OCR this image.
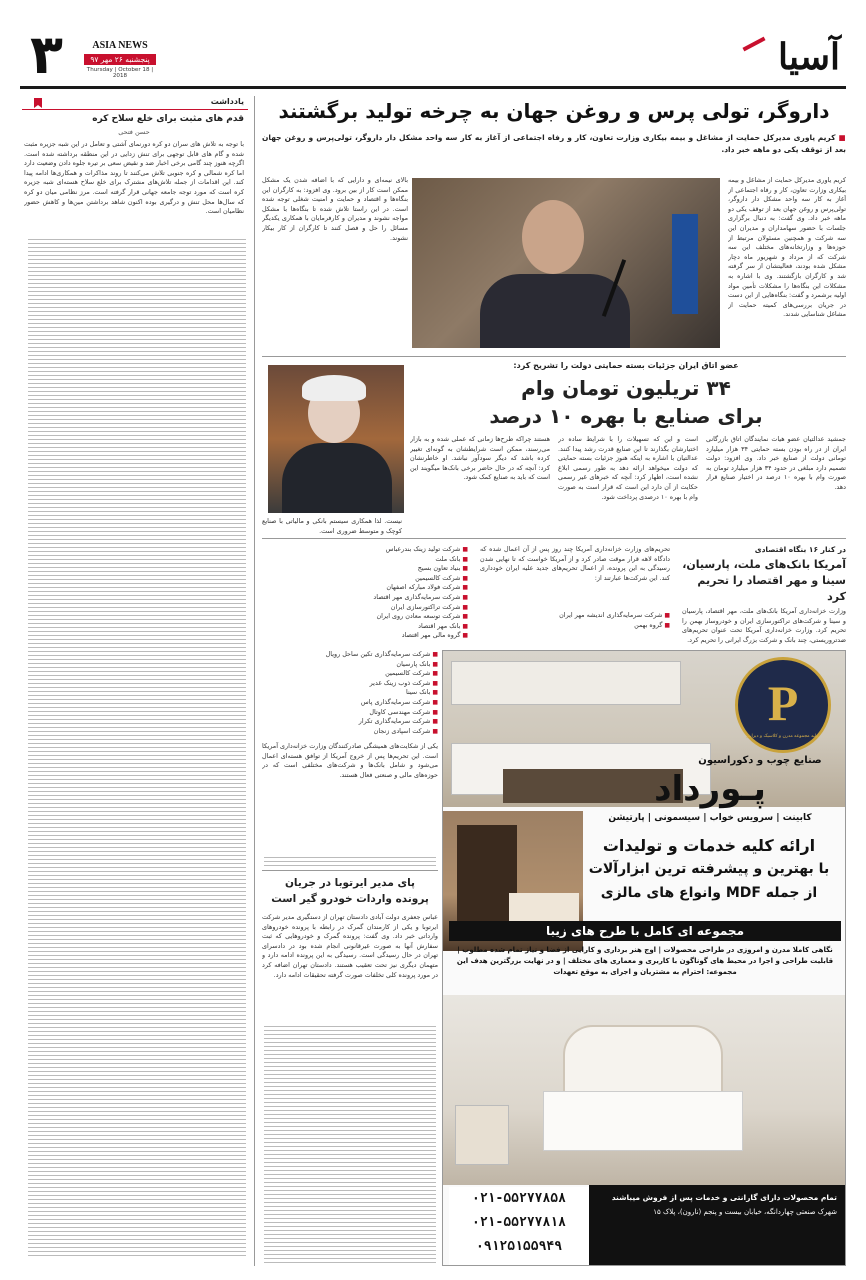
۳	ASIA NEWS
پنجشنبه ۲۶ مهر ۹۷
Thursday | October 18 | 2018	آسیا
یادداشت
قدم های مثبت برای خلع سلاح کره
حسن فتحی
با توجه به تلاش های سران دو کره دورنمای آشتی و تعامل در این شبه جزیره مثبت شده و گام های قابل توجهی برای تنش زدایی در این منطقه برداشته شده است. اگرچه هنوز چند گامی برخی اخبار ضد و نقیض سعی بر تیره جلوه دادن وضعیت دارد اما کره شمالی و کره جنوبی تلاش می‌کنند تا روند مذاکرات و همکاری‌ها ادامه پیدا کند. این اقدامات از جمله تلاش‌های مشترک برای خلع سلاح هسته‌ای شبه جزیره کره است که مورد توجه جامعه جهانی قرار گرفته است. مرز نظامی میان دو کره که سال‌ها محل تنش و درگیری بوده اکنون شاهد برداشتن مین‌ها و کاهش حضور نظامیان است.
داروگر، تولی پرس و روغن جهان به چرخه تولید برگشتند
■ کریم یاوری مدیرکل حمایت از مشاغل و بیمه بیکاری وزارت تعاون، کار و رفاه اجتماعی از آغاز به کار سه واحد مشکل دار داروگر، تولی‌پرس و روغن جهان بعد از توقف یکی دو ماهه خبر داد.
کریم یاوری مدیرکل حمایت از مشاغل و بیمه بیکاری وزارت تعاون، کار و رفاه اجتماعی از آغاز به کار سه واحد مشکل دار داروگر، تولی‌پرس و روغن جهان بعد از توقف یکی دو ماهه خبر داد. وی گفت: به دنبال برگزاری جلسات با حضور سهامداران و مدیران این سه شرکت و همچنین مسئولان مرتبط از حوزه‌ها و وزارتخانه‌های مختلف این سه شرکت که از مرداد و شهریور ماه دچار مشکل شده بودند، فعالیتشان از سر گرفته شد و کارگران بازگشتند. وی با اشاره به مشکلات این بنگاه‌ها را مشکلات تأمین مواد اولیه برشمرد و گفت: بنگاه‌هایی از این دست در جریان بررسی‌های کمیته حمایت از مشاغل شناسایی شدند.
بالای نیمه‌ای و دارایی که با اضافه شدن یک مشکل ممکن است کار از بین برود. وی افزود: به کارگران این بنگاه‌ها و اقتصاد و حمایت و امنیت شغلی توجه شده است. در این راستا تلاش شده تا بنگاه‌ها با مشکل مواجه نشوند و مدیران و کارفرمایان با همکاری یکدیگر مسائل را حل و فصل کنند تا کارگران از کار بیکار نشوند.
عضو اتاق ایران جزئیات بسته حمایتی دولت را تشریح کرد:
۳۴ تریلیون تومان وام
برای صنایع با بهره ۱۰ درصد
جمشید عدالتیان عضو هیات نمایندگان اتاق بازرگانی ایران از در راه بودن بسته حمایتی ۳۴ هزار میلیارد تومانی دولت از صنایع خبر داد. وی افزود: دولت تصمیم دارد مبلغی در حدود ۳۴ هزار میلیارد تومان به صورت وام با بهره ۱۰ درصد در اختیار صنایع قرار دهد.
است و این که تسهیلات را با شرایط ساده در اختیارشان بگذارند تا این صنایع قدرت رشد پیدا کنند. عدالتیان با اشاره به اینکه هنوز جزئیات بسته حمایتی که دولت میخواهد ارائه دهد به طور رسمی ابلاغ نشده است، اظهار کرد: آنچه که خبرهای غیر رسمی حکایت از آن دارد این است که قرار است به صورت وام با بهره ۱۰ درصدی پرداخت شود.
هستند چراکه طرح‌ها زمانی که عملی شده و به بازار می‌رسند، ممکن است شرایطشان به گونه‌ای تغییر کرده باشد که دیگر سودآور نباشد. او خاطرنشان کرد: آنچه که در حال حاضر برخی بانک‌ها میگویند این است که باید به صنایع کمک شود.
نیست. لذا همکاری سیستم بانکی و مالیاتی با صنایع کوچک و متوسط ضروری است.
در کنار ۱۶ بنگاه اقتصادی
آمریکا بانک‌های ملت، پارسیان، سینا و مهر اقتصاد را تحریم کرد
وزارت خزانه‌داری آمریکا بانک‌های ملت، مهر اقتصاد، پارسیان و سینا و شرکت‌های تراکتورسازی ایران و خودروساز بهمن را تحریم کرد. وزارت خزانه‌داری آمریکا تحت عنوان تحریم‌های ضدتروریستی، چند بانک و شرکت بزرگ ایرانی را تحریم کرد.
تحریم‌های وزارت خزانه‌داری آمریکا چند روز پس از آن اعمال شده که دادگاه لاهه قرار موقت صادر کرد و از آمریکا خواست که تا نهایی شدن رسیدگی به این پرونده، از اعمال تحریم‌های جدید علیه ایران خودداری کند. این شرکت‌ها عبارتند از:
■ شرکت سرمایه‌گذاری اندیشه مهر ایران
■ گروه بهمن
■ شرکت تولید زینک بندرعباس
■ بانک ملت
■ بنیاد تعاون بسیج
■ شرکت کالسیمین
■ شرکت فولاد مبارکه اصفهان
■ شرکت سرمایه‌گذاری مهر اقتصاد
■ شرکت تراکتورسازی ایران
■ شرکت توسعه معادن روی ایران
■ بانک مهر اقتصاد
■ گروه مالی مهر اقتصاد
■ شرکت سرمایه‌گذاری تکین ساحل رویال
■ بانک پارسیان
■ شرکت کالسیمین
■ شرکت ذوب زینک غدیر
■ بانک سینا
■ شرکت سرمایه‌گذاری پاس
■ شرکت مهندسی کاوتال
■ شرکت سرمایه‌گذاری تکرار
■ شرکت اسپادی زنجان
یکی از شکایت‌های همیشگی صادرکنندگان وزارت خزانه‌داری آمریکا است. این تحریم‌ها پس از خروج آمریکا از توافق هسته‌ای اعمال می‌شود و شامل بانک‌ها و شرکت‌های مختلفی است که در حوزه‌های مالی و صنعتی فعال هستند.
پای مدیر ایرتوبا در جریان
پرونده واردات خودرو گیر است
عباس جعفری دولت آبادی دادستان تهران از دستگیری مدیر شرکت ایرتوبا و یکی از کارمندان گمرک در رابطه با پرونده خودروهای وارداتی خبر داد. وی گفت: پرونده گمرک و خودروهایی که ثبت سفارش آنها به صورت غیرقانونی انجام شده بود در دادسرای تهران در حال رسیدگی است. رسیدگی به این پرونده ادامه دارد و متهمان دیگری نیز تحت تعقیب هستند. دادستان تهران اضافه کرد در مورد پرونده کلی تخلفات صورت گرفته تحقیقات ادامه دارد.
P
تولید مجموعه مدرن و کلاسیک و دیزاینر
صنایع چوب و دکوراسیون
پـورداد
کابینت | سرویس خواب | سیسمونی | پارتیشن
ارائه کلیه خدمات و تولیدات
با بهترین و پیشرفته ترین ابزارآلات
از جمله MDF وانواع های مالزی
مجموعه ای کامل با طرح های زیبا
نگاهی کاملا مدرن و امروزی در طراحی محصولات | اوج هنر برداری و کارایی از فضا و نیاز تمام شده مطلوب | قابلیت طراحی و اجرا در محیط های گوناگون با کاربری و معماری های مختلف | و در نهایت بزرگترین هدف این مجموعه: احترام به مشتریان و اجرای به موقع تعهدات
تمام محصولات دارای گارانتی و خدمات پس از فروش میباشند
شهرک صنعتی چهاردانگه، خیابان بیست و پنجم (نارون)، پلاک ۱۵
۰۲۱-۵۵۲۷۷۸۵۸
۰۲۱-۵۵۲۷۷۸۱۸
۰۹۱۲۵۱۵۵۹۴۹
